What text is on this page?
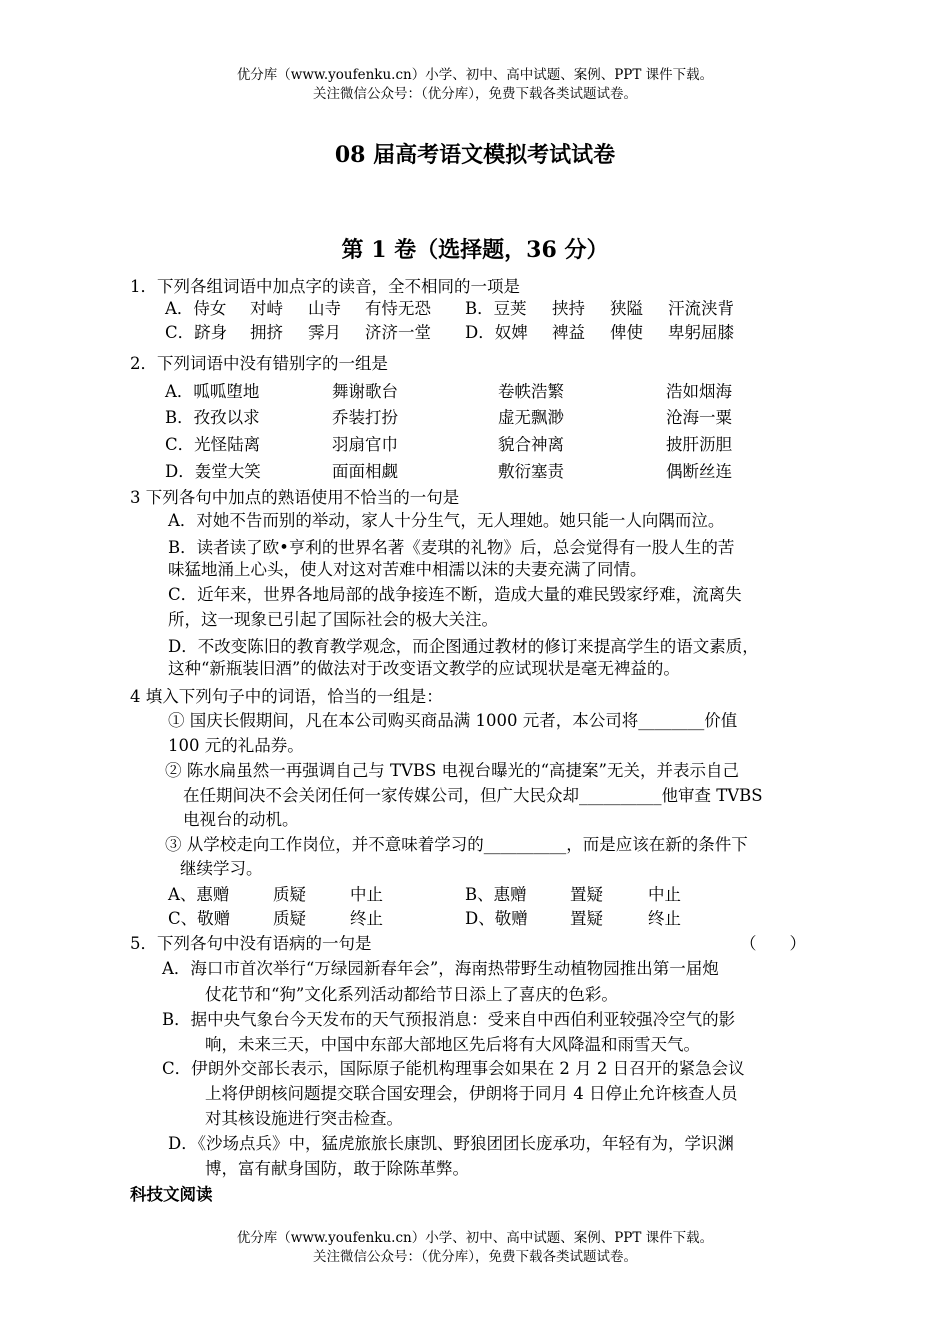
优分库（www.youfenku.cn）小学、初中、高中试题、案例、PPT 课件下载。
关注微信公众号：（优分库），免费下载各类试题试卷。
08 届高考语文模拟考试试卷
第 1 卷（选择题，36 分）
1．下列各组词语中加点字的读音，全不相同的一项是
A．侍女 对峙 山寺 有恃无恐 B．豆荚 挟持 狭隘 汗流浃背
C．跻身 拥挤 霁月 济济一堂 D．奴婢 裨益 俾使 卑躬屈膝
2．下列词语中没有错别字的一组是
A．呱呱堕地	舞谢歌台	卷帙浩繁	浩如烟海
B．孜孜以求	乔装打扮	虚无飘渺	沧海一粟
C．光怪陆离	羽扇官巾	貌合神离	披肝沥胆
D．轰堂大笑	面面相觑	敷衍塞责	偶断丝连
3 下列各句中加点的熟语使用不恰当的一句是
A．对她不告而别的举动，家人十分生气，无人理她。她只能一人向隅而泣。
B．读者读了欧•亨利的世界名著《麦琪的礼物》后，总会觉得有一股人生的苦
味猛地涌上心头，使人对这对苦难中相濡以沫的夫妻充满了同情。
C．近年来，世界各地局部的战争接连不断，造成大量的难民毁家纾难，流离失
所，这一现象已引起了国际社会的极大关注。
D．不改变陈旧的教育教学观念，而企图通过教材的修订来提高学生的语文素质，
这种“新瓶装旧酒”的做法对于改变语文教学的应试现状是毫无裨益的。
4 填入下列句子中的词语，恰当的一组是：
① 国庆长假期间，凡在本公司购买商品满 1000 元者，本公司将________价值
100 元的礼品券。
② 陈水扁虽然一再强调自己与 TVBS 电视台曝光的“高捷案”无关，并表示自己
在任期间决不会关闭任何一家传媒公司，但广大民众却__________他审查 TVBS
电视台的动机。
③ 从学校走向工作岗位，并不意味着学习的__________，而是应该在新的条件下
继续学习。
A、惠赠	质疑	中止	B、惠赠	置疑	中止
C、敬赠	质疑	终止	D、敬赠	置疑	终止
5．下列各句中没有语病的一句是	（　　）
A．海口市首次举行“万绿园新春年会”，海南热带野生动植物园推出第一届炮
仗花节和“狗”文化系列活动都给节日添上了喜庆的色彩。
B．据中央气象台今天发布的天气预报消息：受来自中西伯利亚较强冷空气的影
响，未来三天，中国中东部大部地区先后将有大风降温和雨雪天气。
C．伊朗外交部长表示，国际原子能机构理事会如果在 2 月 2 日召开的紧急会议
上将伊朗核问题提交联合国安理会，伊朗将于同月 4 日停止允许核查人员
对其核设施进行突击检查。
D．《沙场点兵》中，猛虎旅旅长康凯、野狼团团长庞承功，年轻有为，学识渊
博，富有献身国防，敢于除陈革弊。
科技文阅读
优分库（www.youfenku.cn）小学、初中、高中试题、案例、PPT 课件下载。
关注微信公众号：（优分库），免费下载各类试题试卷。
